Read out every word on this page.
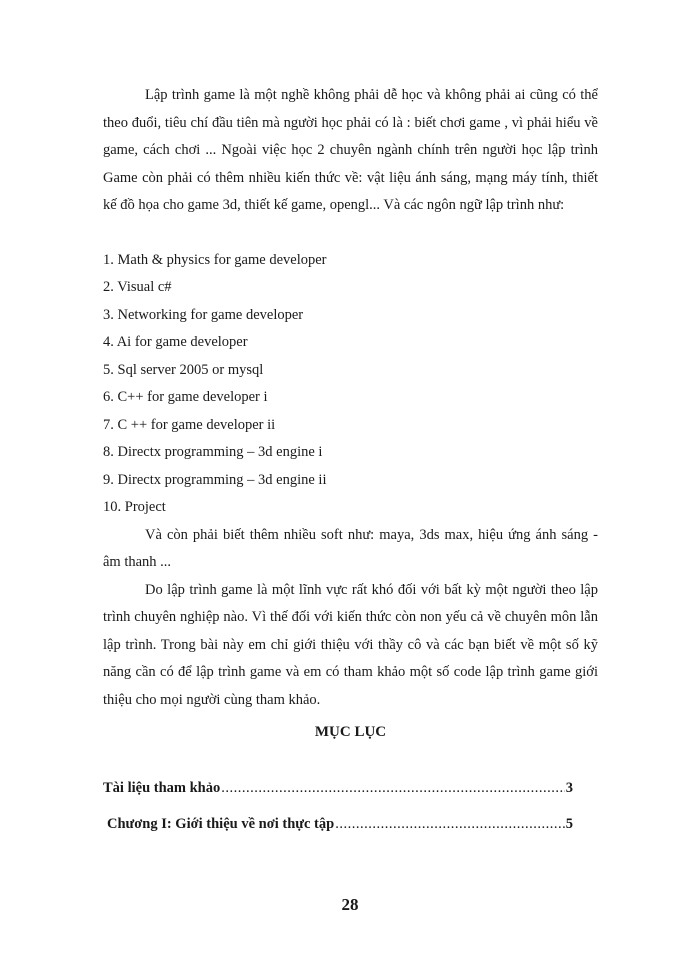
Lập trình game là một nghề không phải dễ học và không phải ai cũng có thể theo đuổi, tiêu chí đầu tiên mà người học phải có là : biết chơi game , vì phải hiểu về game, cách chơi ... Ngoài việc học 2 chuyên ngành chính trên người học lập trình Game còn phải có thêm nhiều kiến thức về: vật liệu ánh sáng, mạng máy tính, thiết kế đồ họa cho game 3d, thiết kế game, opengl... Và các ngôn ngữ lập trình như:

1. Math & physics for game developer
2. Visual c#
3. Networking for game developer
4. Ai for game developer
5. Sql server 2005 or mysql
6. C++ for game developer i
7. C ++ for game developer ii
8. Directx programming – 3d engine i
9. Directx programming – 3d engine ii
10. Project

Và còn phải biết thêm nhiều soft như: maya, 3ds max, hiệu ứng ánh sáng - âm thanh ...

Do lập trình game là một lĩnh vực rất khó đối với bất kỳ một người theo lập trình chuyên nghiệp nào. Vì thế đối với kiến thức còn non yếu cả về chuyên môn lẫn lập trình. Trong bài này em chỉ giới thiệu với thầy cô và các bạn biết về một số kỹ năng cần có để lập trình game và em có tham khảo một số code lập trình game giới thiệu cho mọi người cùng tham khảo.

MỤC LỤC
Tài liệu tham khảo .....	3
Chương I: Giới thiệu về nơi thực tập .....	5
28
